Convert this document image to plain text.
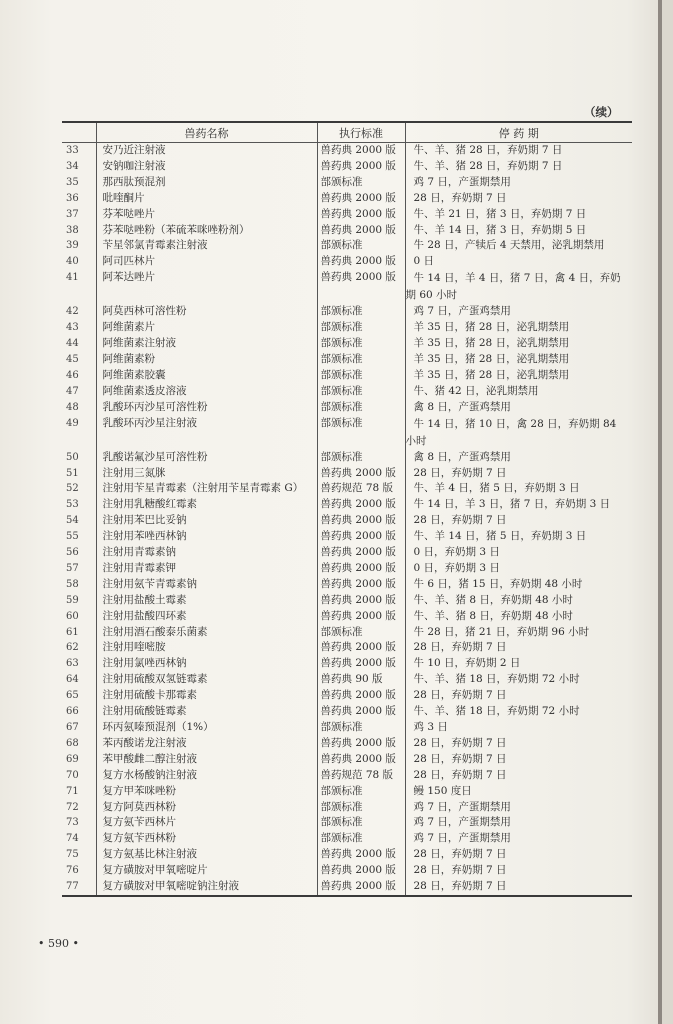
（续）
	兽药名称	执行标准	停 药 期
33	安乃近注射液	兽药典 2000 版	牛、羊、猪 28 日，弃奶期 7 日
34	安钠咖注射液	兽药典 2000 版	牛、羊、猪 28 日，弃奶期 7 日
35	那西肽预混剂	部颁标准	鸡 7 日，产蛋期禁用
36	吡喹酮片	兽药典 2000 版	28 日，弃奶期 7 日
37	芬苯哒唑片	兽药典 2000 版	牛、羊 21 日，猪 3 日，弃奶期 7 日
38	芬苯哒唑粉（苯硫苯咪唑粉剂）	兽药典 2000 版	牛、羊 14 日，猪 3 日，弃奶期 5 日
39	苄星邻氯青霉素注射液	部颁标准	牛 28 日，产犊后 4 天禁用，泌乳期禁用
40	阿司匹林片	兽药典 2000 版	0 日
41	阿苯达唑片	兽药典 2000 版	牛 14 日，羊 4 日，猪 7 日，禽 4 日，弃奶
期 60 小时

42	阿莫西林可溶性粉	部颁标准	鸡 7 日，产蛋鸡禁用
43	阿维菌素片	部颁标准	羊 35 日，猪 28 日，泌乳期禁用
44	阿维菌素注射液	部颁标准	羊 35 日，猪 28 日，泌乳期禁用
45	阿维菌素粉	部颁标准	羊 35 日，猪 28 日，泌乳期禁用
46	阿维菌素胶囊	部颁标准	羊 35 日，猪 28 日，泌乳期禁用
47	阿维菌素透皮溶液	部颁标准	牛、猪 42 日，泌乳期禁用
48	乳酸环丙沙星可溶性粉	部颁标准	禽 8 日，产蛋鸡禁用
49	乳酸环丙沙星注射液	部颁标准	牛 14 日，猪 10 日，禽 28 日，弃奶期 84
小时

50	乳酸诺氟沙星可溶性粉	部颁标准	禽 8 日，产蛋鸡禁用
51	注射用三氮脒	兽药典 2000 版	28 日，弃奶期 7 日
52	注射用苄星青霉素（注射用苄星青霉素 G）	兽药规范 78 版	牛、羊 4 日，猪 5 日，弃奶期 3 日
53	注射用乳糖酸红霉素	兽药典 2000 版	牛 14 日，羊 3 日，猪 7 日，弃奶期 3 日
54	注射用苯巴比妥钠	兽药典 2000 版	28 日，弃奶期 7 日
55	注射用苯唑西林钠	兽药典 2000 版	牛、羊 14 日，猪 5 日，弃奶期 3 日
56	注射用青霉素钠	兽药典 2000 版	0 日，弃奶期 3 日
57	注射用青霉素钾	兽药典 2000 版	0 日，弃奶期 3 日
58	注射用氨苄青霉素钠	兽药典 2000 版	牛 6 日，猪 15 日，弃奶期 48 小时
59	注射用盐酸土霉素	兽药典 2000 版	牛、羊、猪 8 日，弃奶期 48 小时
60	注射用盐酸四环素	兽药典 2000 版	牛、羊、猪 8 日，弃奶期 48 小时
61	注射用酒石酸泰乐菌素	部颁标准	牛 28 日，猪 21 日，弃奶期 96 小时
62	注射用喹嘧胺	兽药典 2000 版	28 日，弃奶期 7 日
63	注射用氯唑西林钠	兽药典 2000 版	牛 10 日，弃奶期 2 日
64	注射用硫酸双氢链霉素	兽药典 90 版	牛、羊、猪 18 日，弃奶期 72 小时
65	注射用硫酸卡那霉素	兽药典 2000 版	28 日，弃奶期 7 日
66	注射用硫酸链霉素	兽药典 2000 版	牛、羊、猪 18 日，弃奶期 72 小时
67	环丙氨嗪预混剂（1%）	部颁标准	鸡 3 日
68	苯丙酸诺龙注射液	兽药典 2000 版	28 日，弃奶期 7 日
69	苯甲酸雌二醇注射液	兽药典 2000 版	28 日，弃奶期 7 日
70	复方水杨酸钠注射液	兽药规范 78 版	28 日，弃奶期 7 日
71	复方甲苯咪唑粉	部颁标准	鳗 150 度日
72	复方阿莫西林粉	部颁标准	鸡 7 日，产蛋期禁用
73	复方氨苄西林片	部颁标准	鸡 7 日，产蛋期禁用
74	复方氨苄西林粉	部颁标准	鸡 7 日，产蛋期禁用
75	复方氨基比林注射液	兽药典 2000 版	28 日，弃奶期 7 日
76	复方磺胺对甲氧嘧啶片	兽药典 2000 版	28 日，弃奶期 7 日
77	复方磺胺对甲氧嘧啶钠注射液	兽药典 2000 版	28 日，弃奶期 7 日
• 590 •
